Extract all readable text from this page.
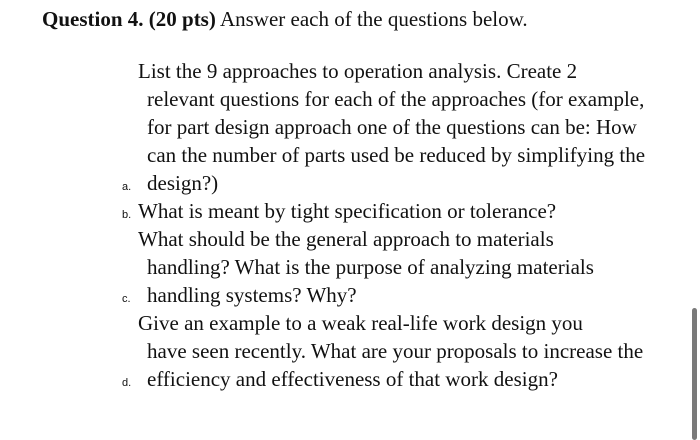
Question 4. (20 pts) Answer each of the questions below.
a.
List the 9 approaches to operation analysis. Create 2
relevant questions for each of the approaches (for example, for part design approach one of the questions can be: How can the number of parts used be reduced by simplifying the design?)
b. What is meant by tight specification or tolerance?
c.
What should be the general approach to materials
handling? What is the purpose of analyzing materials handling systems? Why?
d.
Give an example to a weak real-life work design you
have seen recently. What are your proposals to increase the efficiency and effectiveness of that work design?
